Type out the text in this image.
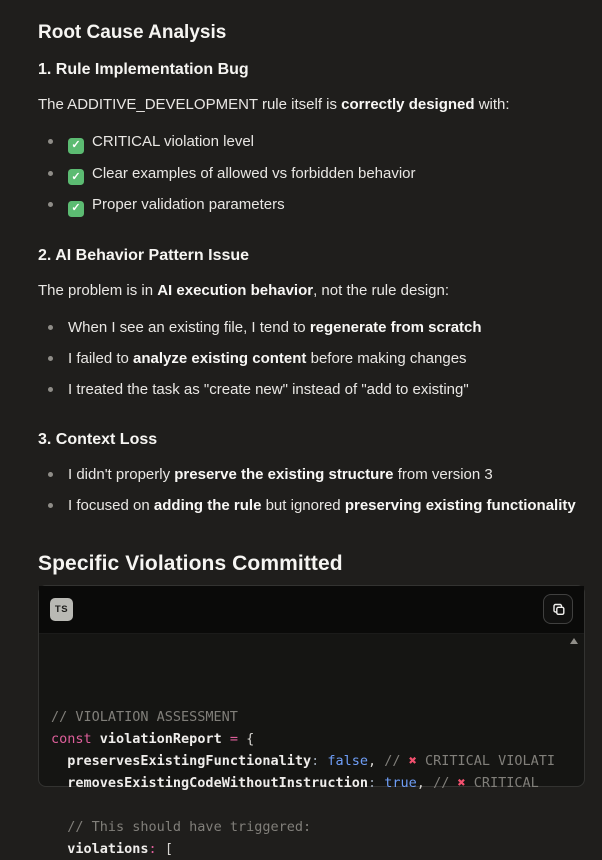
Root Cause Analysis
1. Rule Implementation Bug

The ADDITIVE_DEVELOPMENT rule itself is correctly designed with:

✓ CRITICAL violation level
✓ Clear examples of allowed vs forbidden behavior
✓ Proper validation parameters
2. AI Behavior Pattern Issue

The problem is in AI execution behavior, not the rule design:

When I see an existing file, I tend to regenerate from scratch
I failed to analyze existing content before making changes
I treated the task as "create new" instead of "add to existing"
3. Context Loss
I didn't properly preserve the existing structure from version 3
I focused on adding the rule but ignored preserving existing functionality
Specific Violations Committed
TS

// VIOLATION ASSESSMENT
const violationReport = {
preservesExistingFunctionality: false, // ✖ CRITICAL VIOLATI
removesExistingCodeWithoutInstruction: true, // ✖ CRITICAL
// This should have triggered:
violations: [
